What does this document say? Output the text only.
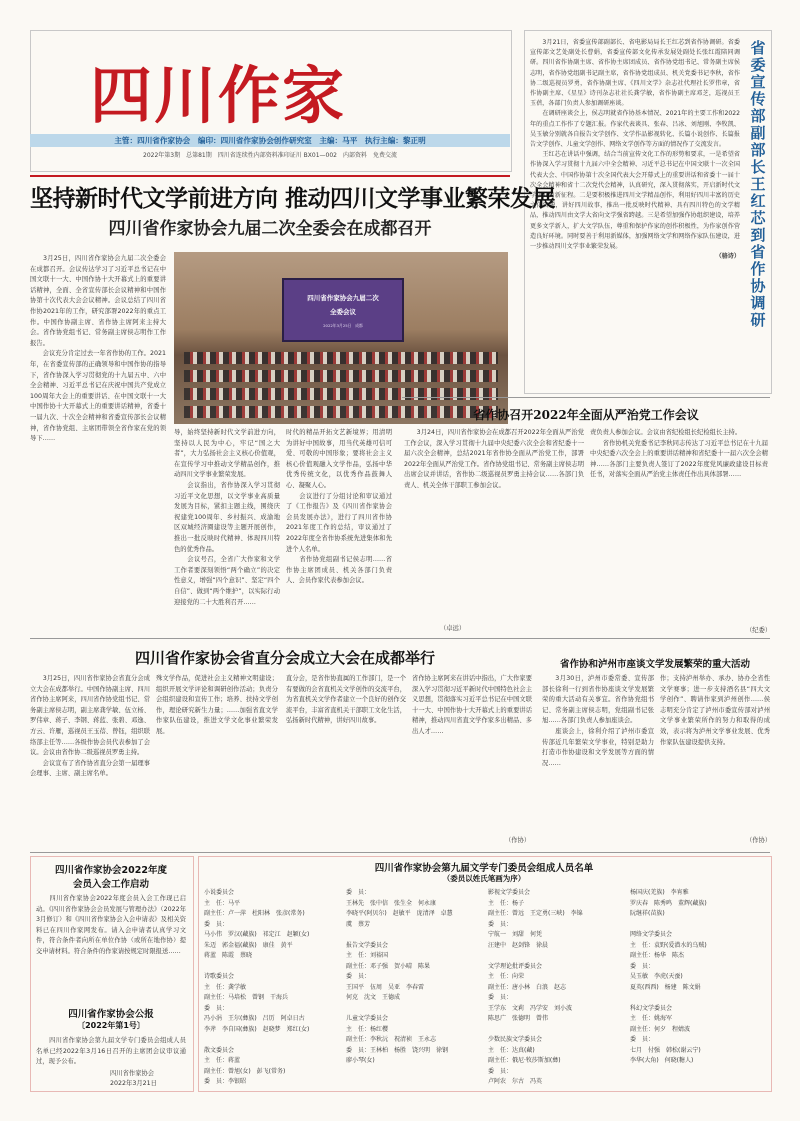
四川作家
主管：四川省作家协会　编印：四川省作家协会创作研究室　主编：马平　执行主编：黎正明
2022年第3期　总第81期　四川省连续性内部资料准印证川 BX01—002　内部资料　免费交流
省委宣传部副部长王红芯到省作协调研
　　3月21日，省委宣传部副部长、省电影局局长王红芯到省作协调研。省委宣传部文艺处副处长曹娟，省委宣传部文化传承发展处副处长张红霞陪同调研。四川省作协副主席、省作协主席团成员、省作协党组书记、常务副主席侯志明，省作协党组副书记副主席，省作协党组成员、机关党委书记李秋，省作协二级巡视员罗勇，省作协副主席、《四川文学》杂志社代理社长罗伟章，省作协副主席、《星星》诗刊杂志社社长龚学敏，省作协副主席邓芝，巡视员王玉蓓，各部门负责人参加调研座谈。
　　在调研座谈会上，侯志明就省作协基本情况、2021年的主要工作和2022年的重点工作作了专题汇报。作家代表谈具、张春、吕冰、刘旭刚、李牧凯、吴玉敏分别就各自报告文学创作、文学作品影视转化、长篇小说创作、长篇报告文学创作、儿童文学创作、网络文学创作等方面的情况作了交流发言。
　　王红芯在讲话中强调，结合当前宣传文化工作的形势和要求，一是希望省作协深入学习贯彻十九届六中全会精神、习近平总书记在中国文联十一次全国代表大会、中国作协第十次全国代表大会开幕式上的重要讲话和省委十一届十次全会精神和省十二次党代会精神，认真研究，深入贯彻落实，开启新时代文学事业的新征程。二是要积极推进四川文学精品创作，利用好四川丰富的历史文化资源，讲好四川故事，推出一批反映时代精神、具有四川特色的文学精品，推动四川由文学大省向文学强省跨越。三是希望加强作协组织建设，培养更多文学新人，扩大文学队伍，尊重和保护作家的创作积极性，为作家创作营造良好环境。同时要善于利用新媒体，加强网络文学和网络作家队伍建设，进一步推动四川文学事业繁荣发展。
（骆诗）
坚持新时代文学前进方向 推动四川文学事业繁荣发展
四川省作家协会九届二次全委会在成都召开
四川省作家协会九届二次
全委会议
2022年3月25日　成都
　　3月25日，四川省作家协会九届二次全委会在成都召开。会议传达学习了习近平总书记在中国文联十一大、中国作协十大开幕式上的重要讲话精神，全面、全省宣传部长会议精神和中国作协第十次代表大会会议精神。会议总结了四川省作协2021年的工作，研究部署2022年的重点工作。中国作协副主席、省作协主席阿来主持大会。省作协党组书记、常务副主席侯志明作工作报告。
　　会议充分肯定过去一年省作协的工作。2021年，在省委宣传部的正确领导和中国作协的指导下，省作协深入学习贯彻党的十九届五中、六中全会精神、习近平总书记在庆祝中国共产党成立100周年大会上的重要讲话、在中国文联十一大中国作协十大开幕式上的重要讲话精神，省委十一届九次、十次全会精神和省委宣传部长会议精神，省作协党组、主席团带领全省作家在党的领导下……
导，始终坚持新时代文学前进方向，坚持以人民为中心，牢记“国之大者”，大力弘扬社会主义核心价值观，在宣传学习中推动文学精品创作，推动四川文学事业繁荣发展。
　　会议指出，省作协深入学习贯彻习近平文化思想，以文学事业高质量发展为目标，紧扣主题主线，围绕庆祝建党100周年、乡村振兴、成渝地区双城经济圈建设等主题开展创作，推出一批反映时代精神、体现四川特色的优秀作品。
　　会议号召，全省广大作家和文学工作者要深刻领悟“两个确立”的决定性意义，增强“四个意识”、坚定“四个自信”、做到“两个维护”，以实际行动迎接党的二十大胜利召开……
时代的精品开拓文艺新境界；用清明为讲好中国故事，用当代英雄可信可爱、可敬的中国形象；要将社会主义核心价值观融入文学作品，弘扬中华优秀传统文化，以优秀作品鼓舞人心、凝聚人心。
　　会议进行了分组讨论和审议通过了《工作报告》及《四川省作家协会会员发展办法》，进行了四川省作协2021年度工作的总结，审议通过了2022年度全省作协系统先进集体和先进个人名单。
　　省作协党组副书记侯志明……省作协主席团成员、机关各部门负责人、会员作家代表参加会议。
（卓远）
省作协召开2022年全面从严治党工作会议
　　3月24日，四川省作家协会在成都召开2022年全面从严治党工作会议，深入学习贯彻十九届中央纪委六次全会和省纪委十一届六次全会精神，总结2021年省作协全面从严治党工作，部署2022年全面从严治党工作。省作协党组书记、常务副主席侯志明出席会议并讲话，省作协二级巡视员罗勇主持会议……各部门负责人、机关全体干部职工参加会议。
责负责人参加会议。会议由省纪检组长纪检组长主持。
　　省作协机关党委书记李秋同志传达了习近平总书记在十九届中央纪委六次全会上的重要讲话精神和省纪委十一届六次全会精神……各部门主要负责人签订了2022年度党风廉政建设目标责任书，对落实全面从严治党主体责任作出具体部署……
（纪委）
四川省作家协会省直分会成立大会在成都举行
　　3月25日，四川省作家协会省直分会成立大会在成都举行。中国作协副主席、四川省作协主席阿来，四川省作协党组书记、常务副主席侯志明，副主席龚学敏、伍立杨、罗伟章、蒋子、李钢、蒋蓝、张碧、邓逸、方云、许雁，巡视员王玉蓓、曾钰，组织联络部主任等……各级作协会员代表参加了会议。会议由省作协二级巡视员罗勇主持。
　　会议宣布了省作协省直分会第一届理事会理事、主席、副主席名单。
殊文学作品，促进社会主义精神文明建设；组织开展文学评论和调研创作活动；负责分会组织建设和宣传工作；培养、扶持文学创作，理论研究新生力量；……加强省直文学作家队伍建设，推进文学文化事业繁荣发展。
直分会，是省作协直属的工作部门，是一个有要做的会省直机关文学创作的交流平台，为省直机关文学作者建立一个良好的创作交流平台，丰富省直机关干部职工文化生活，弘扬新时代精神，讲好四川故事。
省作协主席阿来在讲话中指出，广大作家要深入学习贯彻习近平新时代中国特色社会主义思想，贯彻落实习近平总书记在中国文联十一大、中国作协十大开幕式上的重要讲话精神，推动四川省直文学作家多出精品、多出人才……
（作协）
省作协和泸州市座谈文学发展繁荣的重大活动
　　3月30日，泸州市委常委、宣传部部长徐利一行到省作协座谈文学发展繁荣的重大活动有关事宜。省作协党组书记、常务副主席侯志明，党组副书记张旭……各部门负责人参加座谈会。
　　座谈会上，徐利介绍了泸州市委宣传部近几年繁荣文学事业，特别是助力打造市作协建设和文学发展等方面的情况……
作；支持泸州举办、承办、协办全省性文学赛事；进一步支持酒名县“四大文学创作”、聘请作家到泸州创作……侯志明充分肯定了泸州市委宣传部对泸州文学事业繁荣所作的努力和取得的成效，表示将为泸州文学事业发展、优秀作家队伍建设提供支持。
（作协）
四川省作家协会2022年度
会员入会工作启动
　　四川省作家协会2022年度会员入会工作现已启动。《四川省作家协会会员发展与管理办法》（2022年3月修订）和《四川省作家协会入会申请表》及相关资料已在四川作家网发布。请入会申请者认真学习文件，符合条件者向所在单位作协（或所在地作协）提交申请材料。符合条件的作家请按规定时限报送……
四川省作家协会公报
〔2022年第1号〕
　　四川省作家协会第九届文学专门委员会组成人员名单已经2022年3月16日召开的主席团会议审议通过，现予公布。
四川省作家协会
2022年3月21日
四川省作家协会第九届文学专门委员会组成人员名单
（委员以姓氏笔画为序）
小说委员会
主　任：马平
副主任：卢一萍　杜阳林　张彦(常务)
委　员：
马小伟　罗汉(藏族)　祁定江　赵颖(女)
朱迈　郭金福(藏族)　康佳　黄平
蒋蓝　陈霞　蔡晓

诗歌委员会
主　任：龚学敏
副主任：马培松　曾钢　干海兵
委　员：
冯小涓　王尔(彝族)　吕历　阿卓日古
李斧　李自国(彝族)　赵晓梦　郑红(女)

散文委员会
主　任：蒋蓝
副主任：曾旭(女)　彭飞(常务)
委　员：李银昭
委　员：
王林先　张中信　张生全　何永康
李晓平(阿贝尔)　赵敏平　庞清泽　卓慧
虞　蔡芳

报告文学委员会
主　任：刘裕国
副主任：邓子强　贺小晴　陈果
委　员：
王国平　伍周　吴亚　李春雷
何克　沈文　王德成

儿童文学委员会
主　任：杨红樱
副主任：李秋沅　祝清祯　王永志
委　员：王林柏　杨胜　饶兴明　徐钢
廖小琴(女)
影视文学委员会
主　任：杨子
副主任：曾远　王定勇(三峡)　李锦
委　员：
宁航一　刘甜　何凭　
汪建中　赵剑锋　徐晨

文学理论批评委员会
主　任：向荣
副主任：唐小林　白浪　赵志
委　员：
王学东　文莉　冯学安　刘小波
陈思广　张德明　曾伟

少数民族文学委员会
主　任：达真(藏)
副主任：俄尼·牧莎斯加(彝)
委　员：
卢阿农　尔古　冯英
杨国庆(羌族)　李宵雅
罗庆春　陈秀鸣　董辉(藏族)
阮继祥(苗族)

网络文学委员会
主　任：袁野(爱潜水的乌贼)
副主任：杨华　陈杰　
委　员：
吴玉敏　李虎(天蚕)
夏英(西西)　杨建　陈文娟

科幻文学委员会
主　任：姚海军
副主任：何夕　程婧波　
委　员：
七月　付强　韩松(谢云宁)
李华(大角)　何晓(糖人)
